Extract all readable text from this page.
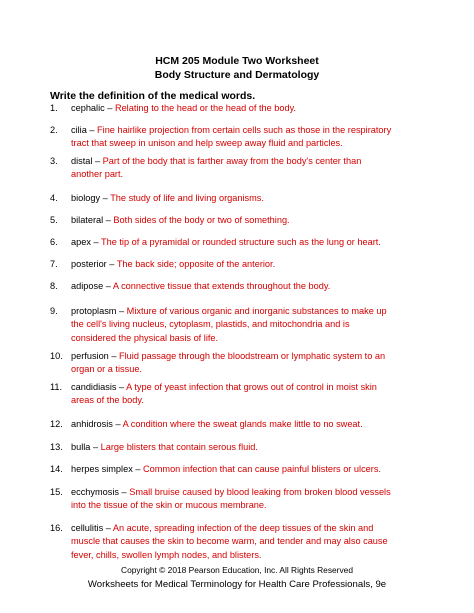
HCM 205 Module Two Worksheet
Body Structure and Dermatology
Write the definition of the medical words.
1.	cephalic – Relating to the head or the head of the body.
2.	cilia – Fine hairlike projection from certain cells such as those in the respiratory tract that sweep in unison and help sweep away fluid and particles.
3.	distal – Part of the body that is farther away from the body's center than another part.
4.	biology – The study of life and living organisms.
5.	bilateral – Both sides of the body or two of something.
6.	apex – The tip of a pyramidal or rounded structure such as the lung or heart.
7.	posterior – The back side; opposite of the anterior.
8.	adipose – A connective tissue that extends throughout the body.
9.	protoplasm – Mixture of various organic and inorganic substances to make up the cell's living nucleus, cytoplasm, plastids, and mitochondria and is considered the physical basis of life.
10. perfusion – Fluid passage through the bloodstream or lymphatic system to an organ or a tissue.
11. candidiasis – A type of yeast infection that grows out of control in moist skin areas of the body.
12. anhidrosis – A condition where the sweat glands make little to no sweat.
13. bulla – Large blisters that contain serous fluid.
14. herpes simplex – Common infection that can cause painful blisters or ulcers.
15. ecchymosis – Small bruise caused by blood leaking from broken blood vessels into the tissue of the skin or mucous membrane.
16. cellulitis – An acute, spreading infection of the deep tissues of the skin and muscle that causes the skin to become warm, and tender and may also cause fever, chills, swollen lymph nodes, and blisters.
Copyright © 2018 Pearson Education, Inc. All Rights Reserved
Worksheets for Medical Terminology for Health Care Professionals, 9e
